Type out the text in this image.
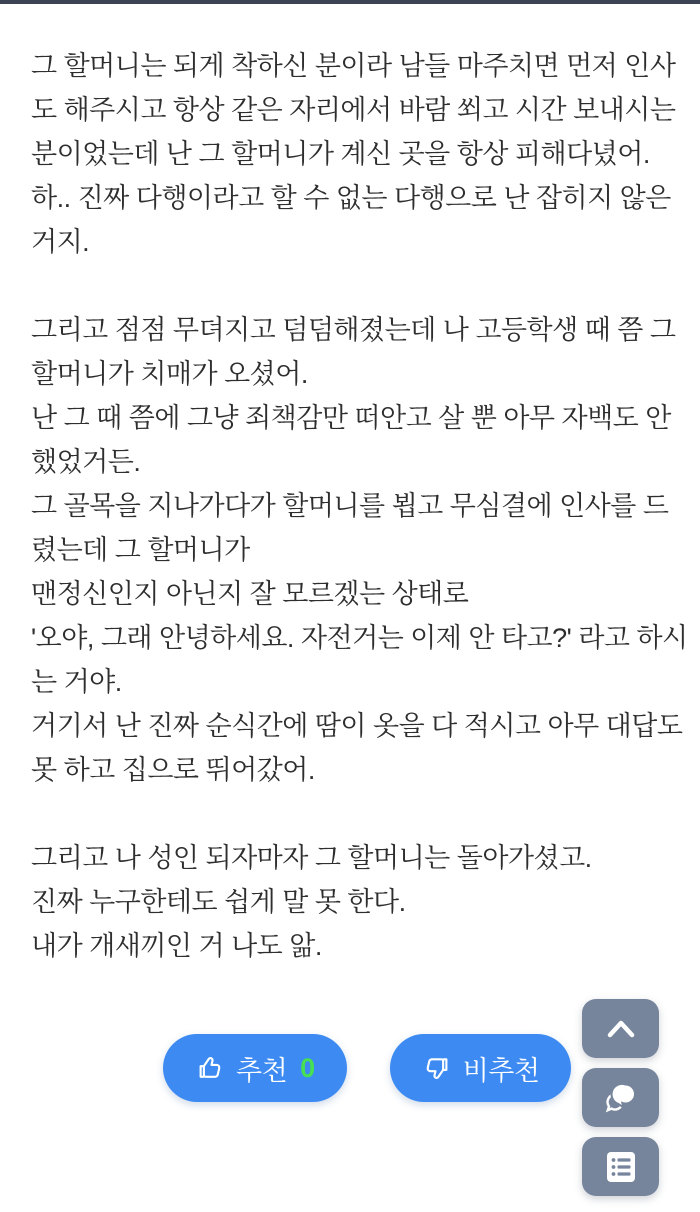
그 할머니는 되게 착하신 분이라 남들 마주치면 먼저 인사
도 해주시고 항상 같은 자리에서 바람 쐬고 시간 보내시는
분이었는데 난 그 할머니가 계신 곳을 항상 피해다녔어.
하.. 진짜 다행이라고 할 수 없는 다행으로 난 잡히지 않은
거지.
그리고 점점 무뎌지고 덤덤해졌는데 나 고등학생 때 쯤 그
할머니가 치매가 오셨어.
난 그 때 쯤에 그냥 죄책감만 떠안고 살 뿐 아무 자백도 안
했었거든.
그 골목을 지나가다가 할머니를 뵙고 무심결에 인사를 드
렸는데 그 할머니가
맨정신인지 아닌지 잘 모르겠는 상태로
'오야, 그래 안녕하세요. 자전거는 이제 안 타고?' 라고 하시
는 거야.
거기서 난 진짜 순식간에 땀이 옷을 다 적시고 아무 대답도
못 하고 집으로 뛰어갔어.
그리고 나 성인 되자마자 그 할머니는 돌아가셨고.
진짜 누구한테도 쉽게 말 못 한다.
내가 개새끼인 거 나도 앎.
추천 0	비추천
